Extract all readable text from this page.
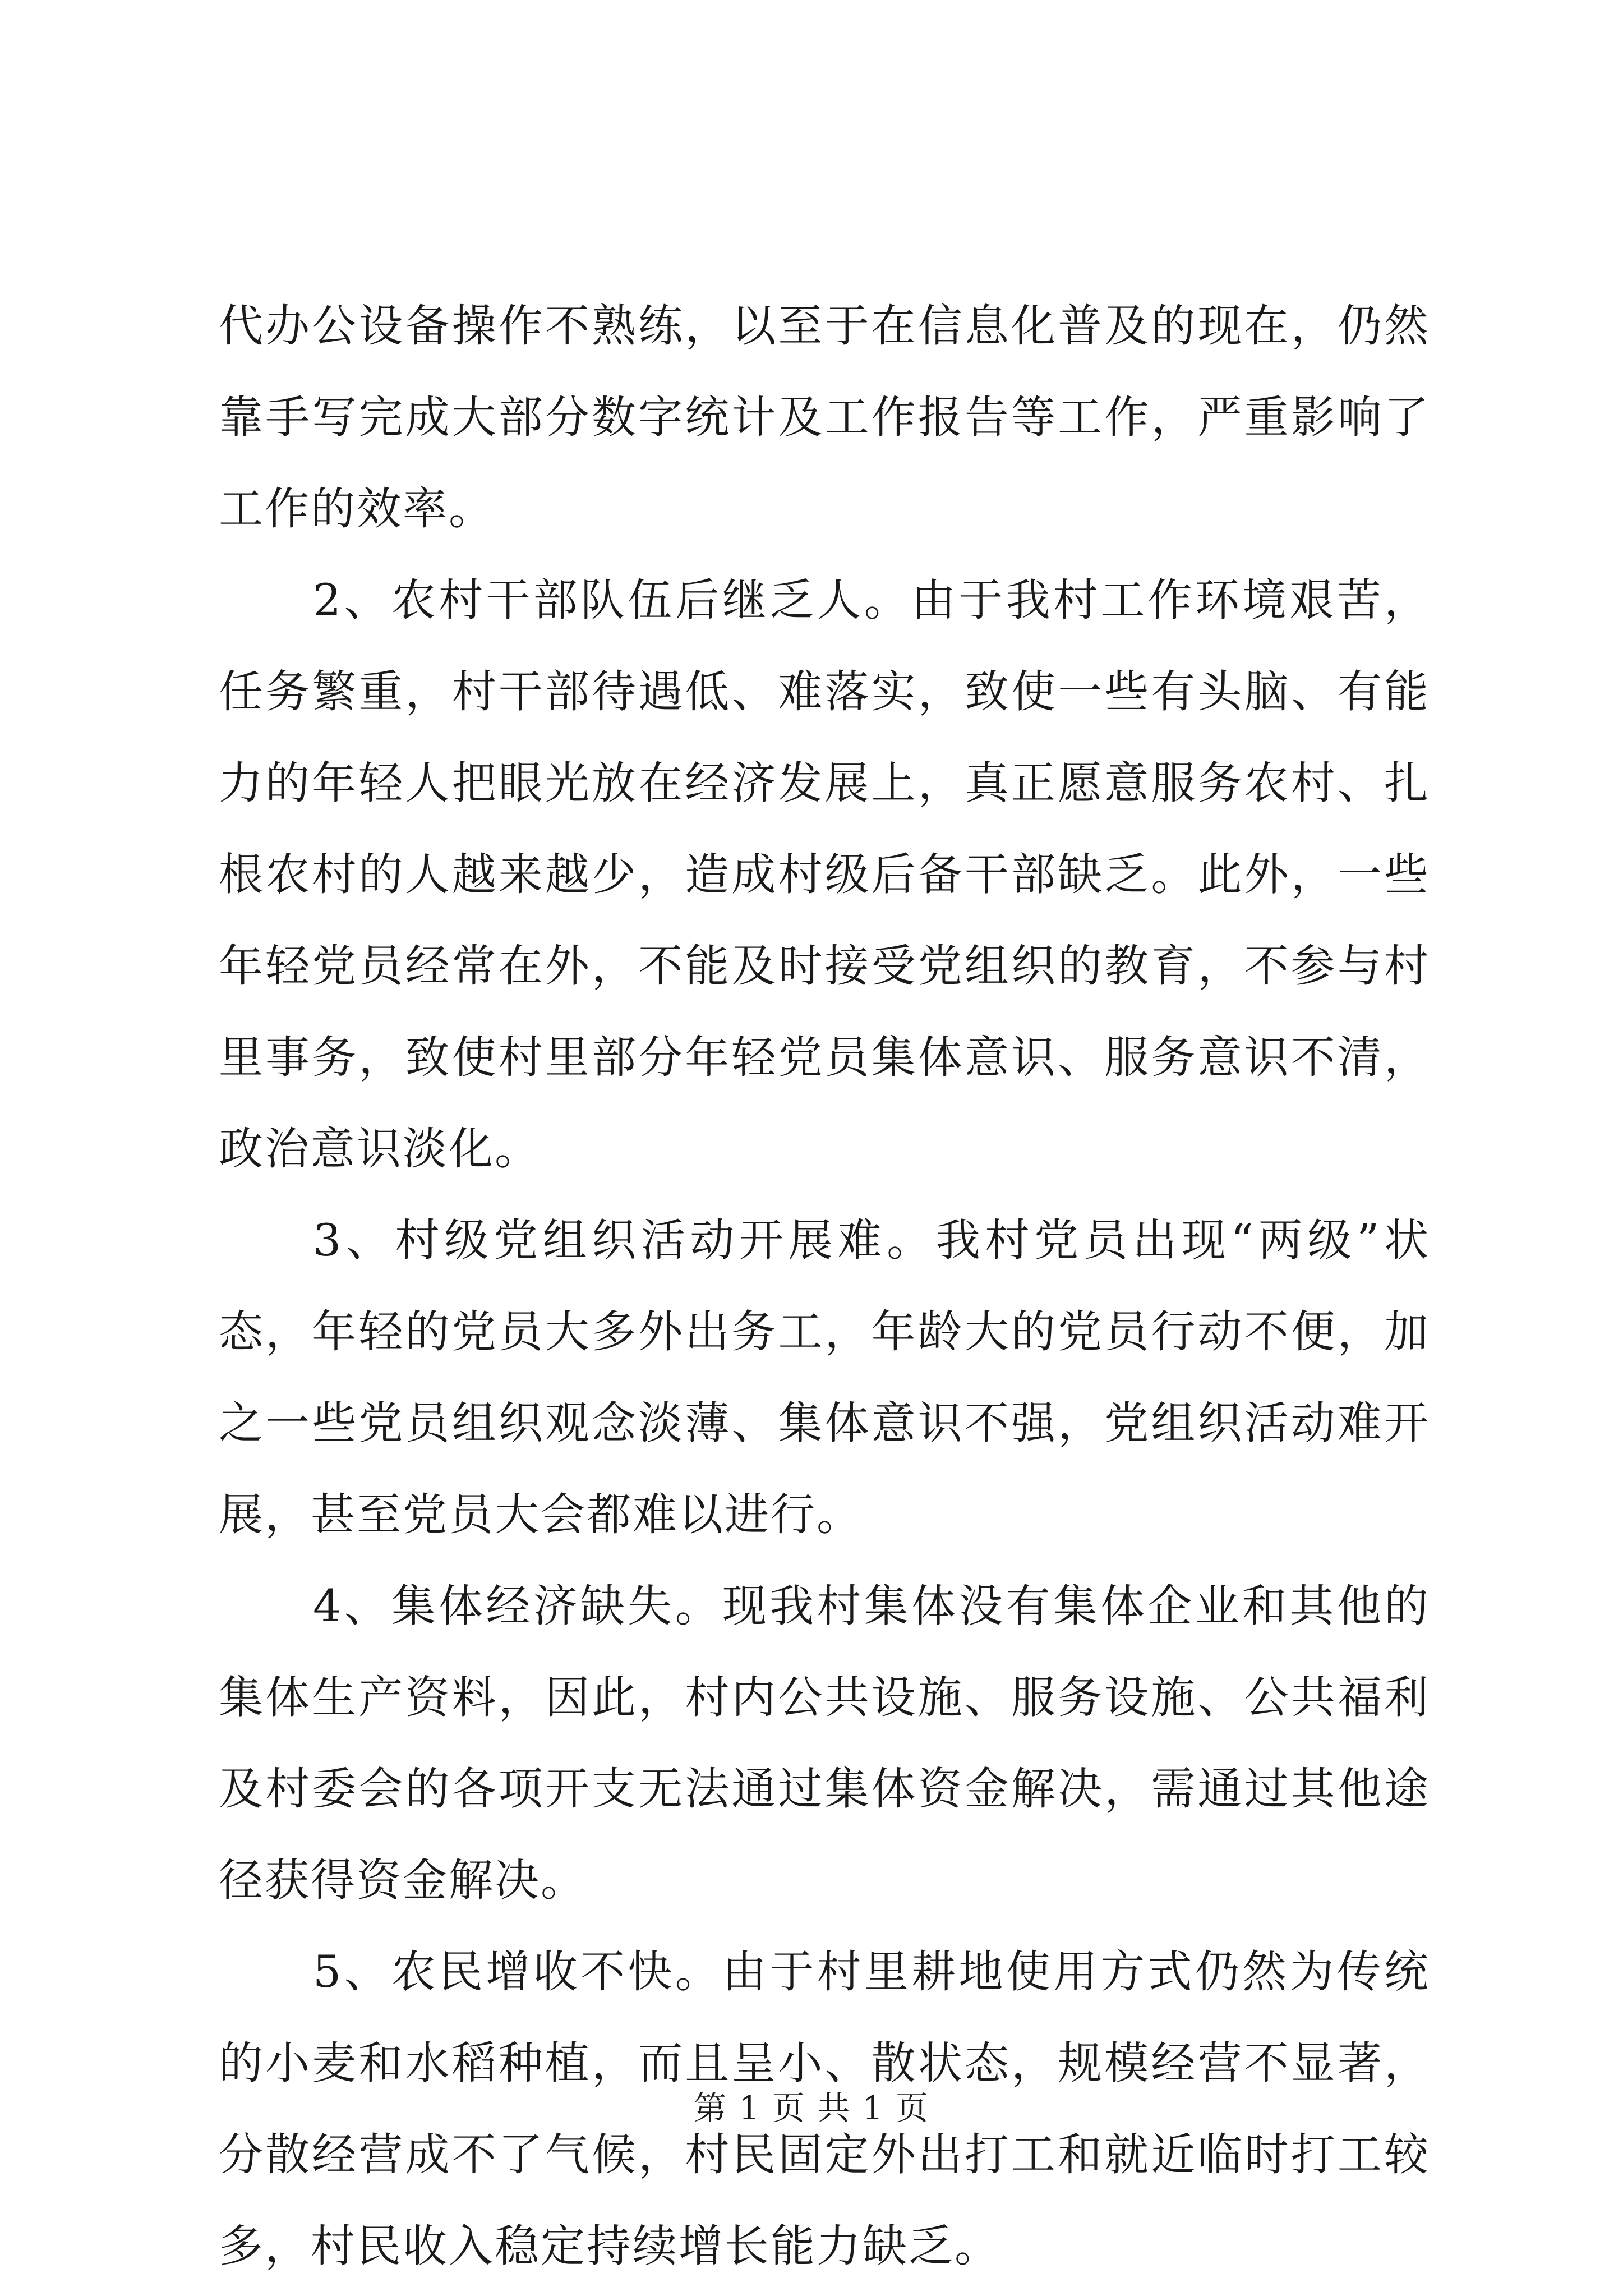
代办公设备操作不熟练，以至于在信息化普及的现在，仍然靠手写完成大部分数字统计及工作报告等工作，严重影响了工作的效率。

2、农村干部队伍后继乏人。由于我村工作环境艰苦，任务繁重，村干部待遇低、难落实，致使一些有头脑、有能力的年轻人把眼光放在经济发展上，真正愿意服务农村、扎根农村的人越来越少，造成村级后备干部缺乏。此外，一些年轻党员经常在外，不能及时接受党组织的教育，不参与村里事务，致使村里部分年轻党员集体意识、服务意识不清，政治意识淡化。

3、村级党组织活动开展难。我村党员出现“两级”状态，年轻的党员大多外出务工，年龄大的党员行动不便，加之一些党员组织观念淡薄、集体意识不强，党组织活动难开展，甚至党员大会都难以进行。

4、集体经济缺失。现我村集体没有集体企业和其他的集体生产资料，因此，村内公共设施、服务设施、公共福利及村委会的各项开支无法通过集体资金解决，需通过其他途径获得资金解决。

5、农民增收不快。由于村里耕地使用方式仍然为传统的小麦和水稻种植，而且呈小、散状态，规模经营不显著，分散经营成不了气候，村民固定外出打工和就近临时打工较多，村民收入稳定持续增长能力缺乏。

第 1 页 共 1 页
